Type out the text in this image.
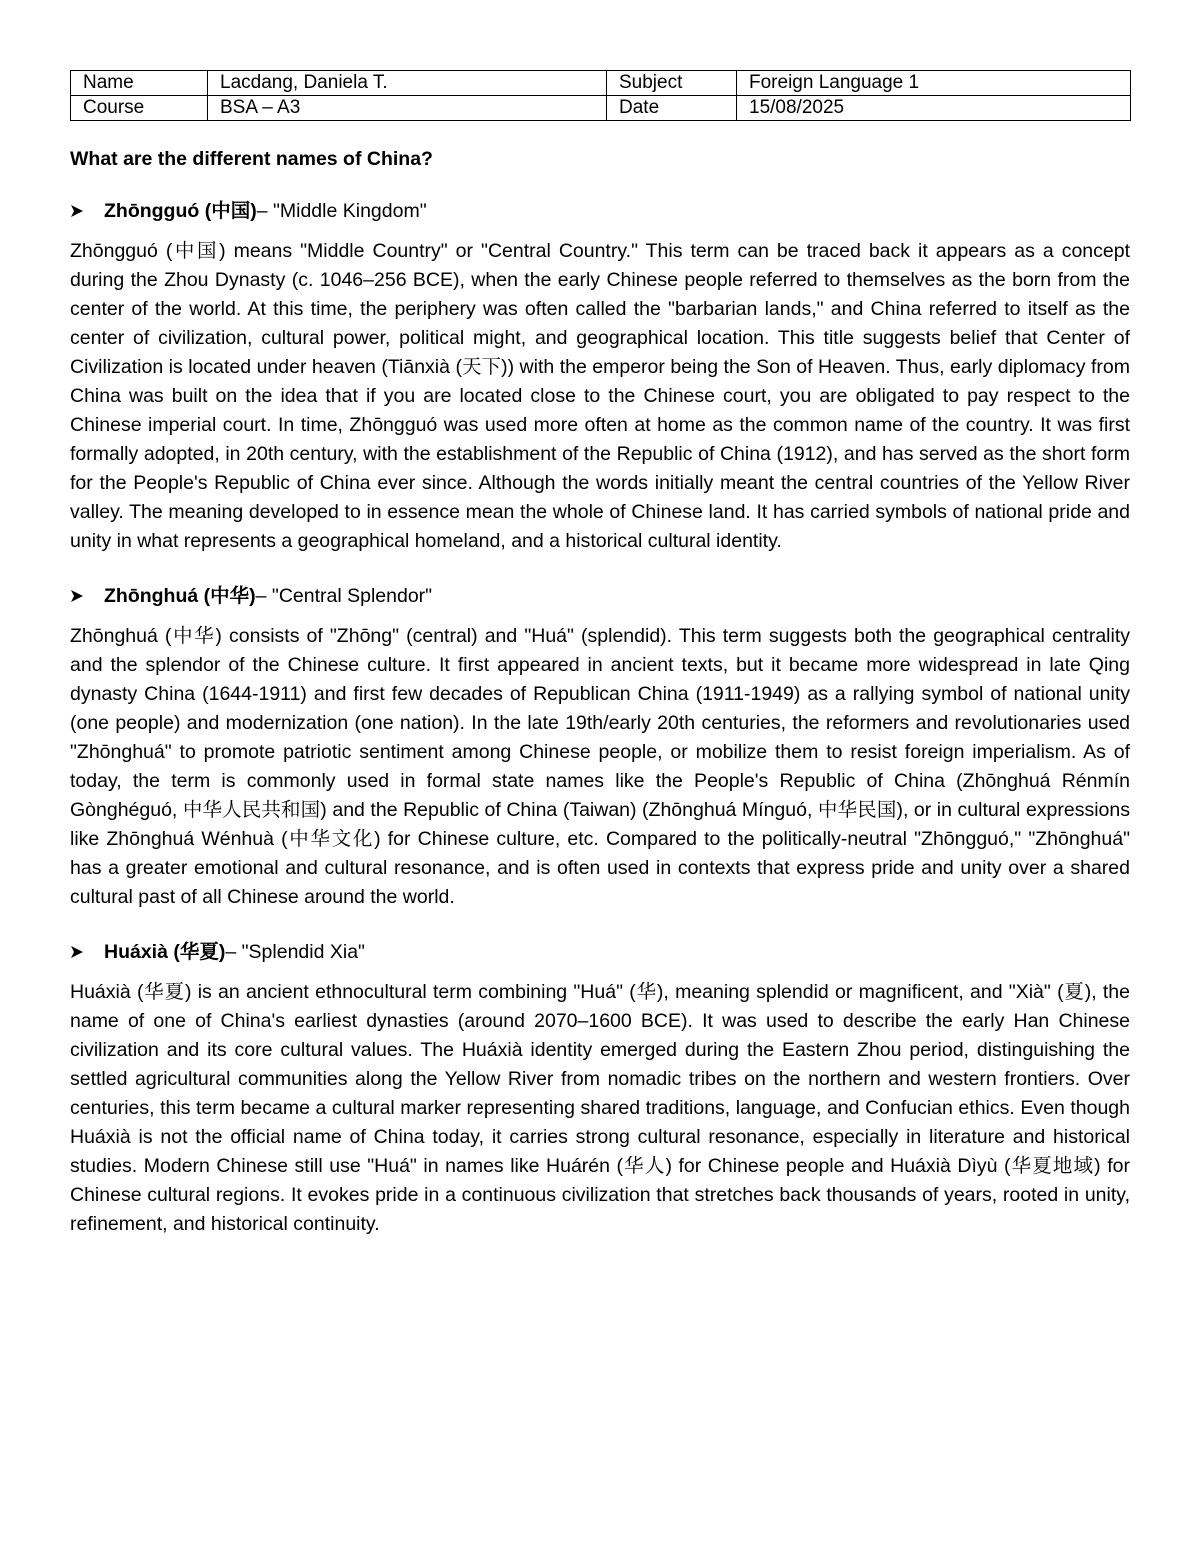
Name	Lacdang, Daniela T.	Subject	Foreign Language 1
Course	BSA – A3	Date	15/08/2025
What are the different names of China?
Zhōngguó (中国) – "Middle Kingdom"

Zhōngguó (中国) means "Middle Country" or "Central Country." This term can be traced back it appears as a concept during the Zhou Dynasty (c. 1046–256 BCE), when the early Chinese people referred to themselves as the born from the center of the world. At this time, the periphery was often called the "barbarian lands," and China referred to itself as the center of civilization, cultural power, political might, and geographical location. This title suggests belief that Center of Civilization is located under heaven (Tiānxià (天下)) with the emperor being the Son of Heaven. Thus, early diplomacy from China was built on the idea that if you are located close to the Chinese court, you are obligated to pay respect to the Chinese imperial court. In time, Zhōngguó was used more often at home as the common name of the country. It was first formally adopted, in 20th century, with the establishment of the Republic of China (1912), and has served as the short form for the People's Republic of China ever since. Although the words initially meant the central countries of the Yellow River valley. The meaning developed to in essence mean the whole of Chinese land. It has carried symbols of national pride and unity in what represents a geographical homeland, and a historical cultural identity.

Zhōnghuá (中华) – "Central Splendor"

Zhōnghuá (中华) consists of "Zhōng" (central) and "Huá" (splendid). This term suggests both the geographical centrality and the splendor of the Chinese culture. It first appeared in ancient texts, but it became more widespread in late Qing dynasty China (1644-1911) and first few decades of Republican China (1911-1949) as a rallying symbol of national unity (one people) and modernization (one nation). In the late 19th/early 20th centuries, the reformers and revolutionaries used "Zhōnghuá" to promote patriotic sentiment among Chinese people, or mobilize them to resist foreign imperialism. As of today, the term is commonly used in formal state names like the People's Republic of China (Zhōnghuá Rénmín Gònghéguó, 中华人民共和国) and the Republic of China (Taiwan) (Zhōnghuá Mínguó, 中华民国), or in cultural expressions like Zhōnghuá Wénhuà (中华文化) for Chinese culture, etc. Compared to the politically-neutral "Zhōngguó," "Zhōnghuá" has a greater emotional and cultural resonance, and is often used in contexts that express pride and unity over a shared cultural past of all Chinese around the world.

Huáxià (华夏) – "Splendid Xia"

Huáxià (华夏) is an ancient ethnocultural term combining "Huá" (华), meaning splendid or magnificent, and "Xià" (夏), the name of one of China's earliest dynasties (around 2070–1600 BCE). It was used to describe the early Han Chinese civilization and its core cultural values. The Huáxià identity emerged during the Eastern Zhou period, distinguishing the settled agricultural communities along the Yellow River from nomadic tribes on the northern and western frontiers. Over centuries, this term became a cultural marker representing shared traditions, language, and Confucian ethics. Even though Huáxià is not the official name of China today, it carries strong cultural resonance, especially in literature and historical studies. Modern Chinese still use "Huá" in names like Huárén (华人) for Chinese people and Huáxià Dìyù (华夏地域) for Chinese cultural regions. It evokes pride in a continuous civilization that stretches back thousands of years, rooted in unity, refinement, and historical continuity.
